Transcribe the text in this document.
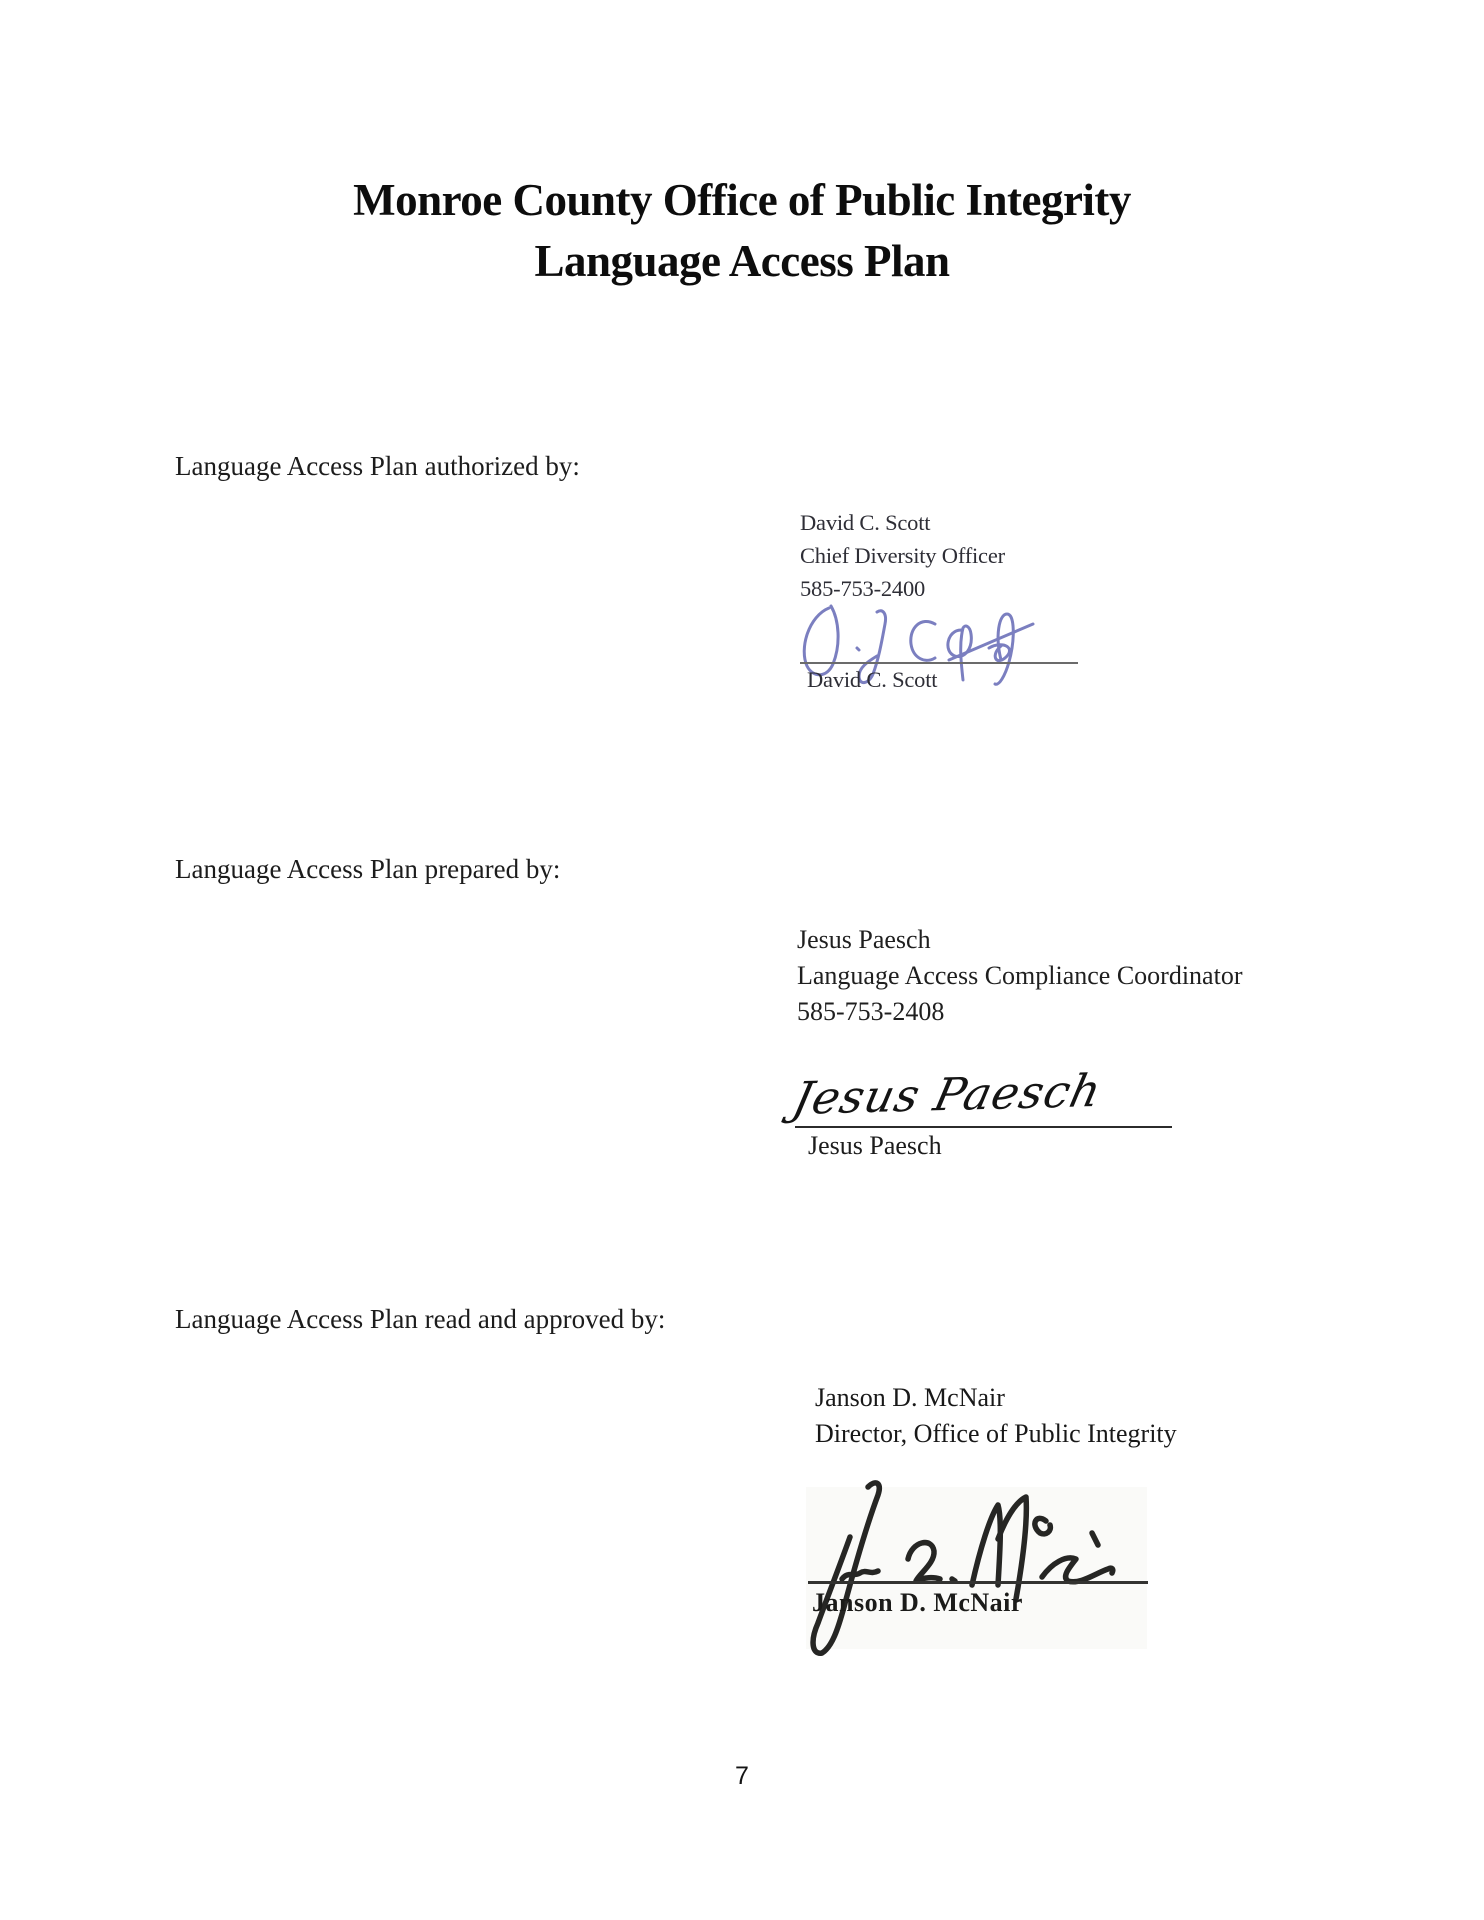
Monroe County Office of Public Integrity
Language Access Plan
Language Access Plan authorized by:
David C. Scott
Chief Diversity Officer
585-753-2400
David C. Scott
Language Access Plan prepared by:
Jesus Paesch
Language Access Compliance Coordinator
585-753-2408
Jesus Paesch
Jesus Paesch
Language Access Plan read and approved by:
Janson D. McNair
Director, Office of Public Integrity
Janson D. McNair
7
